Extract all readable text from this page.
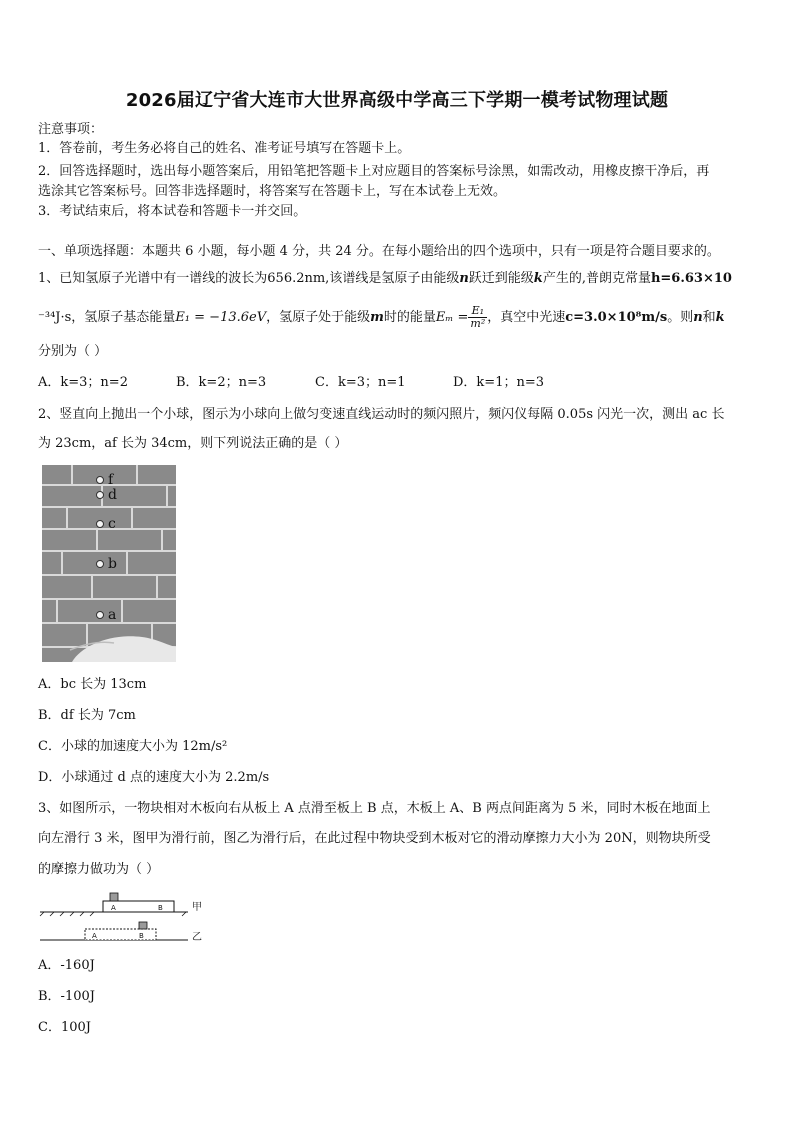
2026届辽宁省大连市大世界高级中学高三下学期一模考试物理试题
注意事项：
1．答卷前，考生务必将自己的姓名、准考证号填写在答题卡上。
2．回答选择题时，选出每小题答案后，用铅笔把答题卡上对应题目的答案标号涂黑，如需改动，用橡皮擦干净后，再
选涂其它答案标号。回答非选择题时，将答案写在答题卡上，写在本试卷上无效。
3．考试结束后，将本试卷和答题卡一并交回。
一、单项选择题：本题共 6 小题，每小题 4 分，共 24 分。在每小题给出的四个选项中，只有一项是符合题目要求的。
1、已知氢原子光谱中有一谱线的波长为656.2nm,该谱线是氢原子由能级n跃迁到能级k产生的,普朗克常量h=6.63×10
⁻³⁴J·s，氢原子基态能量E₁ = −13.6eV，氢原子处于能级m时的能量$E_m = \frac{\text{E₁}}{\text{m²}}$ ，真空中光速c=3.0×10⁸m/s。则n和k
分别为（ ）
A．k=3；n=2	B．k=2；n=3	C．k=3；n=1	D．k=1；n=3
2、竖直向上抛出一个小球，图示为小球向上做匀变速直线运动时的频闪照片，频闪仪每隔 0.05s 闪光一次，测出 ac 长
为 23cm，af 长为 34cm，则下列说法正确的是（ ）
f
d
c
b
a
A．bc 长为 13cm
B．df 长为 7cm
C．小球的加速度大小为 12m/s²
D．小球通过 d 点的速度大小为 2.2m/s
3、如图所示，一物块相对木板向右从板上 A 点滑至板上 B 点，木板上 A、B 两点间距离为 5 米，同时木板在地面上
向左滑行 3 米，图甲为滑行前，图乙为滑行后，在此过程中物块受到木板对它的滑动摩擦力大小为 20N，则物块所受
的摩擦力做功为（ ）
A	B	甲
A	B	乙
A．-160J
B．-100J
C．100J
